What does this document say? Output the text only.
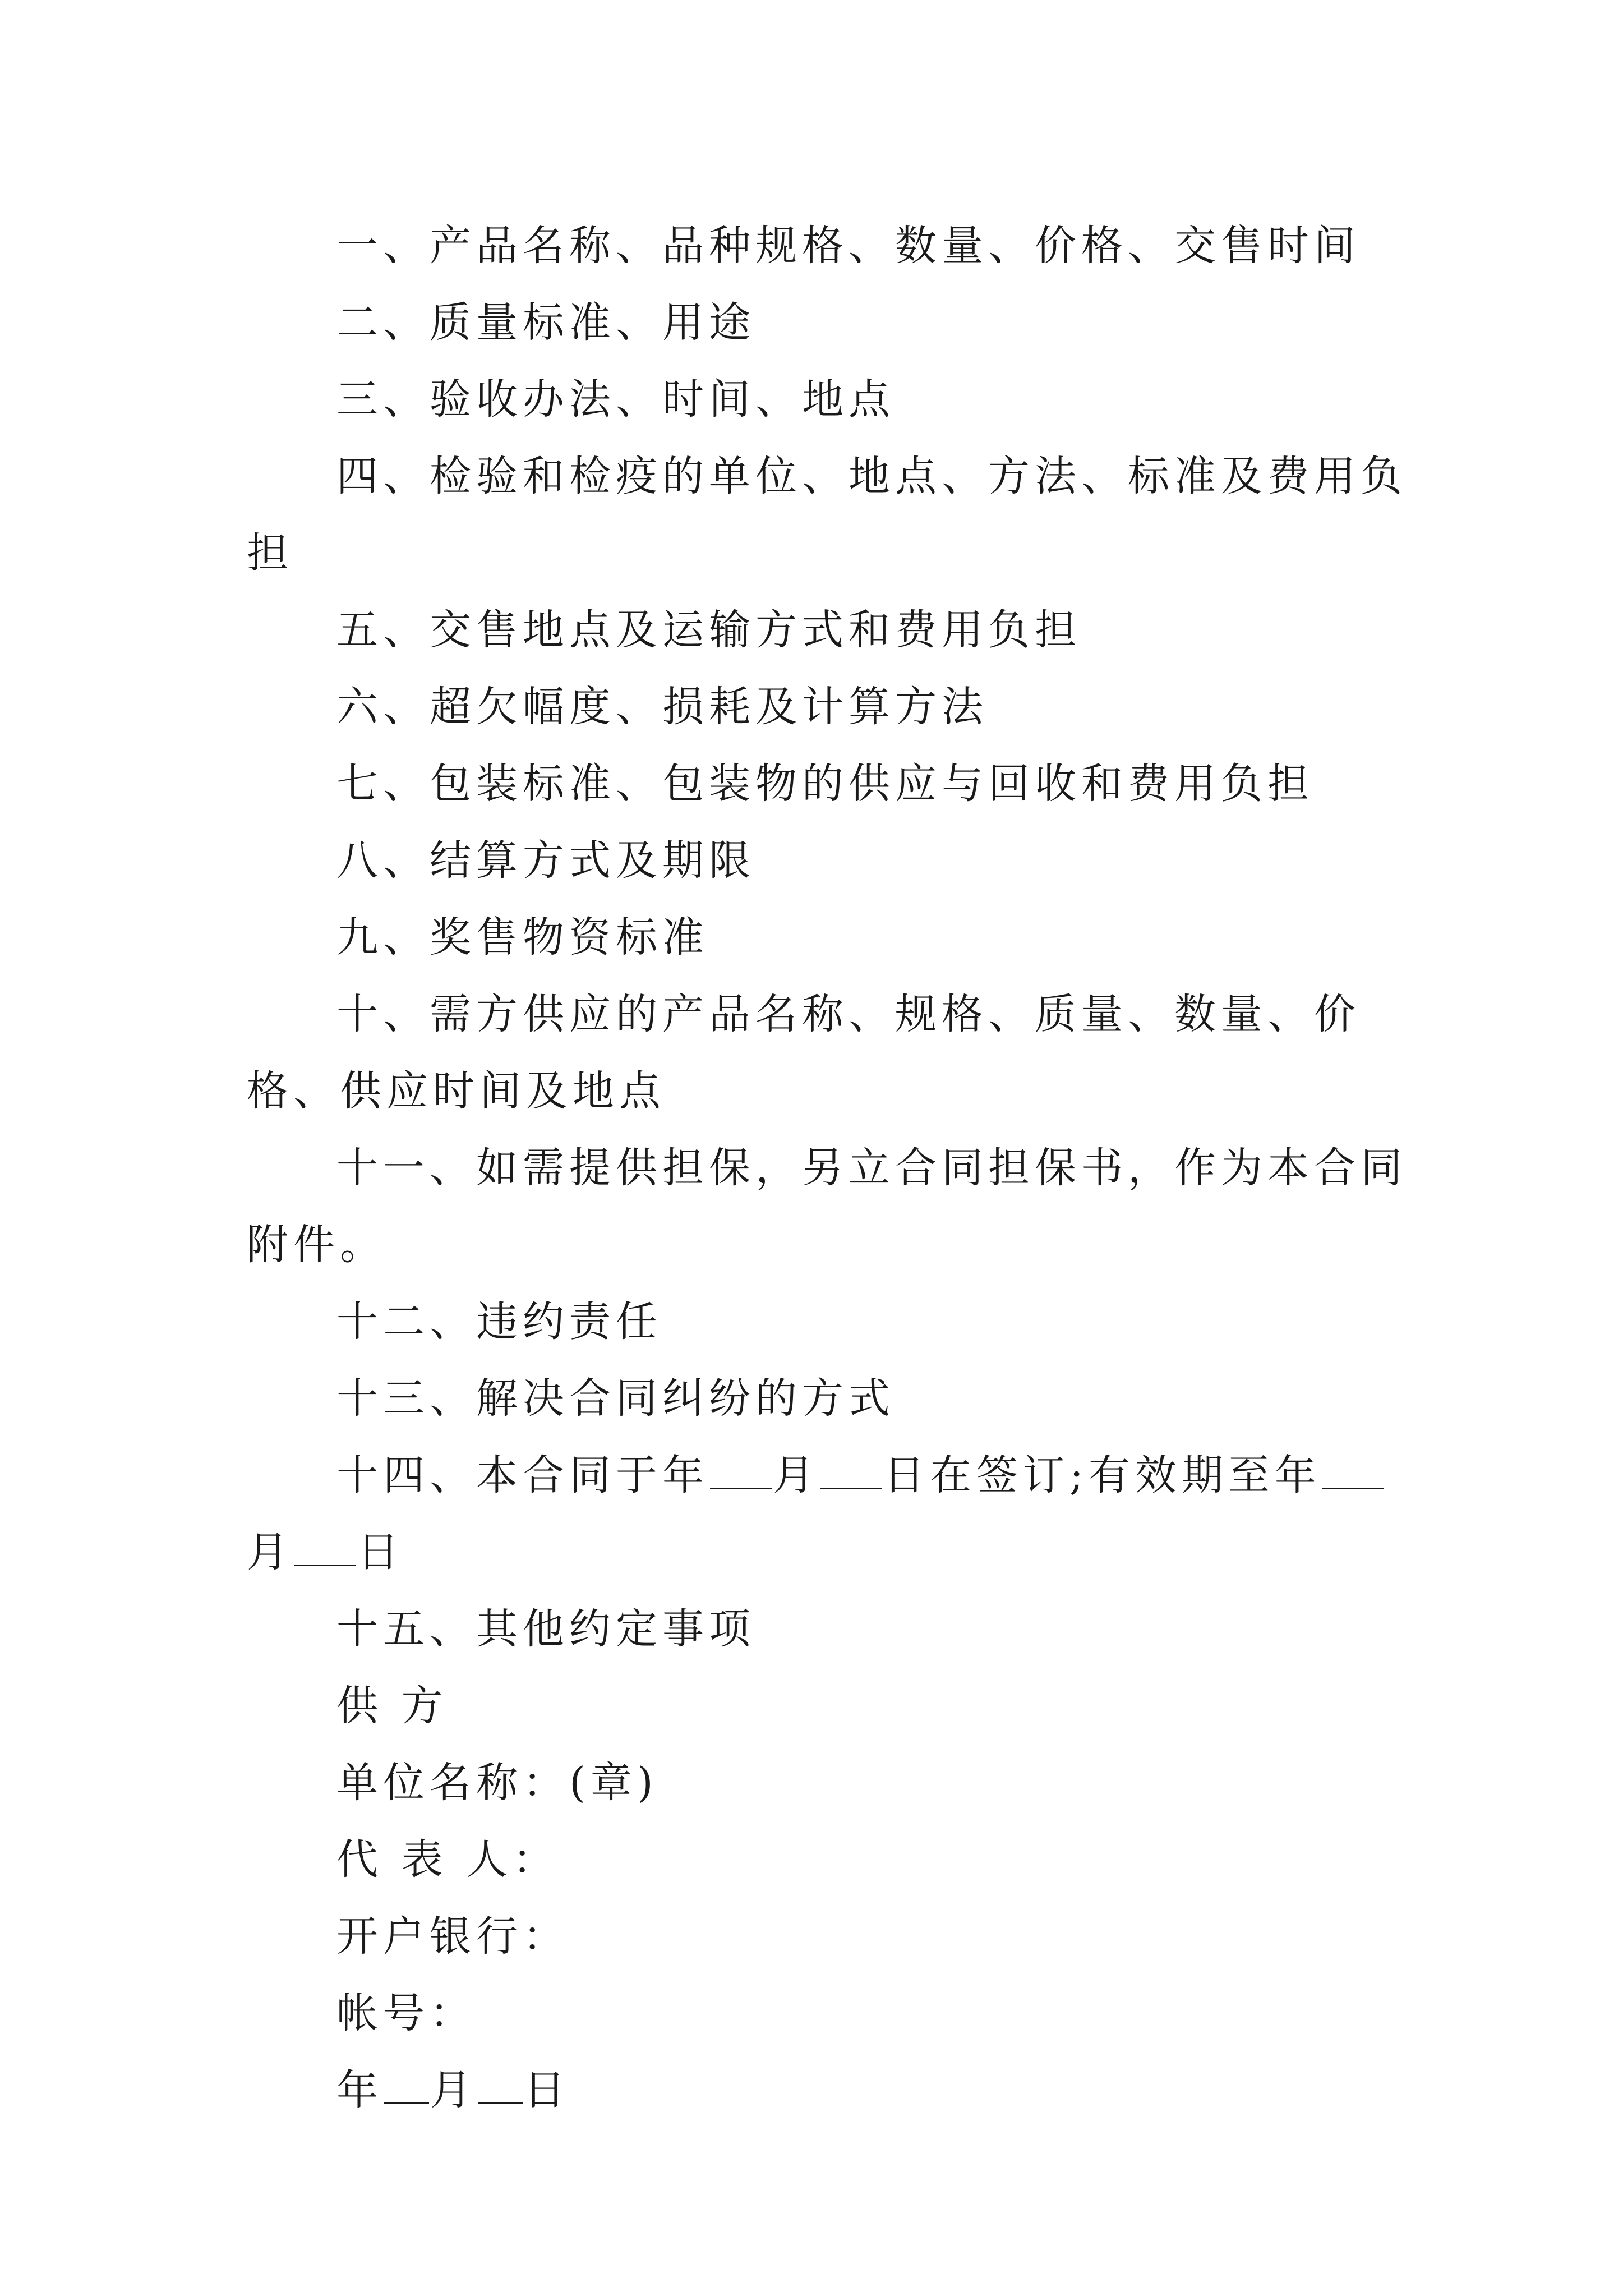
一、产品名称、品种规格、数量、价格、交售时间

二、质量标准、用途

三、验收办法、时间、地点

四、检验和检疫的单位、地点、方法、标准及费用负担

五、交售地点及运输方式和费用负担

六、超欠幅度、损耗及计算方法

七、包装标准、包装物的供应与回收和费用负担

八、结算方式及期限

九、奖售物资标准

十、需方供应的产品名称、规格、质量、数量、价格、供应时间及地点

十一、如需提供担保，另立合同担保书，作为本合同附件。

十二、违约责任

十三、解决合同纠纷的方式

十四、本合同于年 月 日在签订;有效期至年月 日

十五、其他约定事项

供 方

单位名称：(章)

代 表 人：

开户银行：

帐号：

年 月 日
